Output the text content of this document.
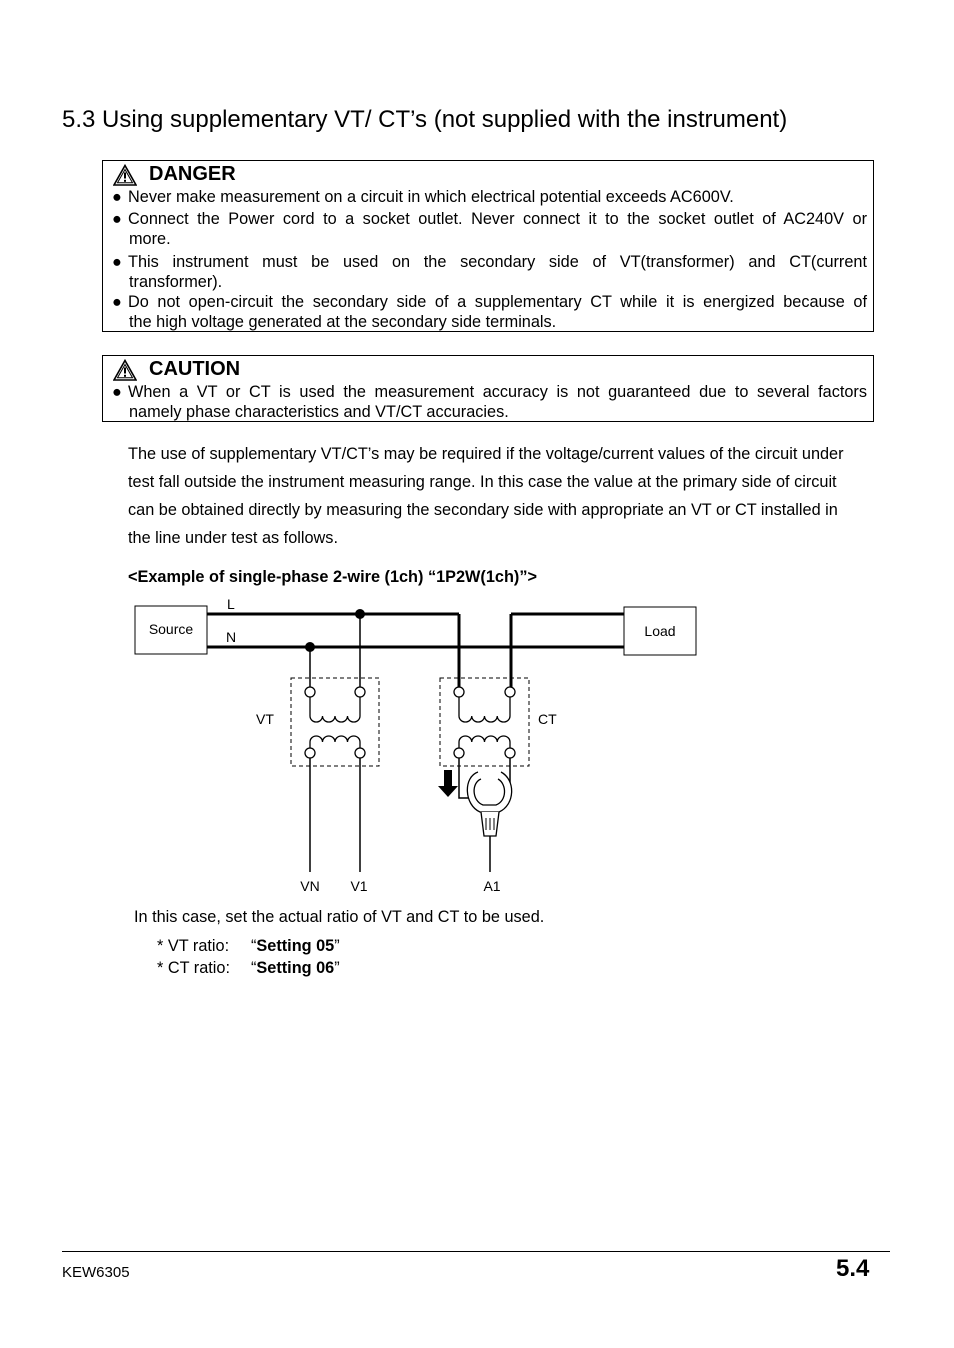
5.3 Using supplementary VT/ CT’s (not supplied with the instrument)
DANGER
● Never make measurement on a circuit in which electrical potential exceeds AC600V.
● Connect the Power cord to a socket outlet. Never connect it to the socket outlet of AC240V or
more.
● This instrument must be used on the secondary side of VT(transformer) and CT(current
transformer).
● Do not open-circuit the secondary side of a supplementary CT while it is energized because of
the high voltage generated at the secondary side terminals.
CAUTION
● When a VT or CT is used the measurement accuracy is not guaranteed due to several factors
namely phase characteristics and VT/CT accuracies.
The use of supplementary VT/CT’s may be required if the voltage/current values of the circuit under
test fall outside the instrument measuring range. In this case the value at the primary side of circuit
can be obtained directly by measuring the secondary side with appropriate an VT or CT installed in
the line under test as follows.
<Example of single-phase 2-wire (1ch) “1P2W(1ch)”>
Source	Load
L
N
VT	CT
VN V1	A1
In this case, set the actual ratio of VT and CT to be used.
* VT ratio: “Setting 05”
* CT ratio: “Setting 06”
KEW6305	5.4
